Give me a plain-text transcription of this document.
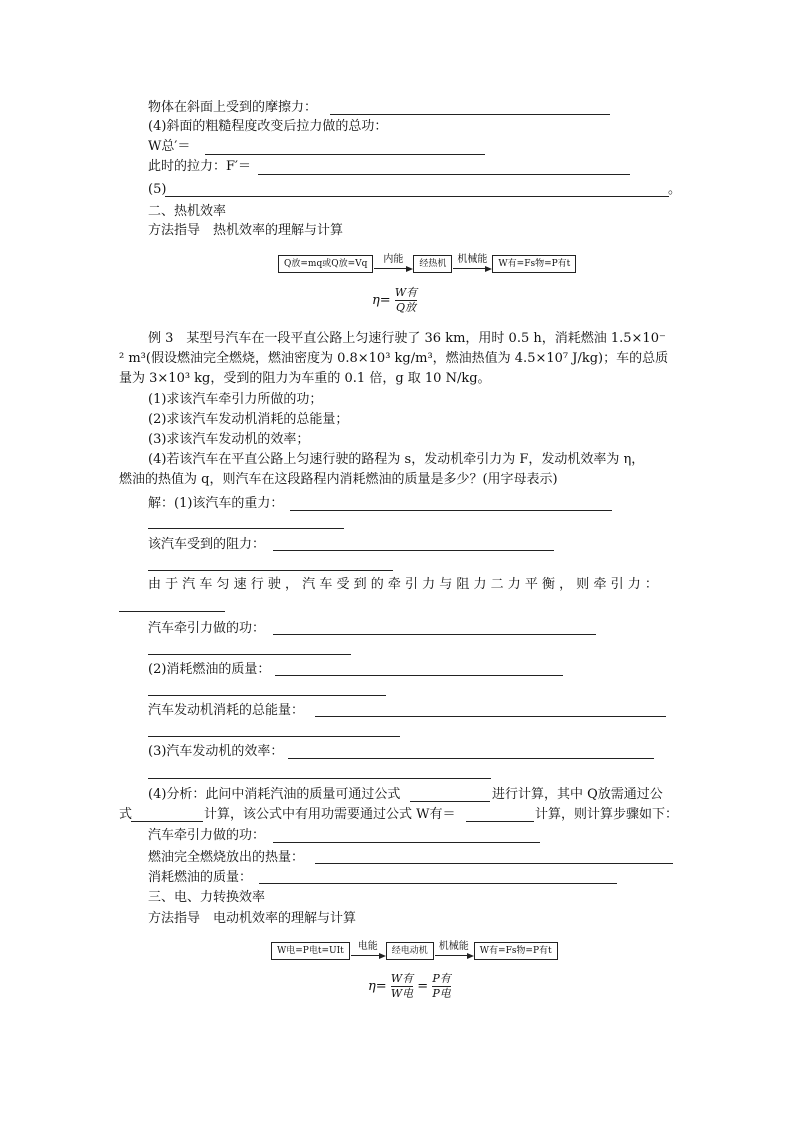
物体在斜面上受到的摩擦力：
(4)斜面的粗糙程度改变后拉力做的总功：
W总′＝
此时的拉力：F′＝
(5)	。
二、热机效率
方法指导　热机效率的理解与计算
Q放=mq或Q放=Vq	内能	经热机	机械能	W有=Fs物=P有t
$\eta= \frac{\text{W有}}{\text{Q放}}$
例 3　某型号汽车在一段平直公路上匀速行驶了 36 km，用时 0.5 h，消耗燃油 1.5×10⁻
² m³(假设燃油完全燃烧，燃油密度为 0.8×10³ kg/m³，燃油热值为 4.5×10⁷ J/kg)；车的总质
量为 3×10³ kg，受到的阻力为车重的 0.1 倍，g 取 10 N/kg。
(1)求该汽车牵引力所做的功；
(2)求该汽车发动机消耗的总能量；
(3)求该汽车发动机的效率；
(4)若该汽车在平直公路上匀速行驶的路程为 s，发动机牵引力为 F，发动机效率为 η，
燃油的热值为 q，则汽车在这段路程内消耗燃油的质量是多少？(用字母表示)
解：(1)该汽车的重力：
该汽车受到的阻力：
由 于 汽 车 匀 速 行 驶 ， 汽 车 受 到 的 牵 引 力 与 阻 力 二 力 平 衡 ， 则 牵 引 力 ：
汽车牵引力做的功：
(2)消耗燃油的质量：
汽车发动机消耗的总能量：
(3)汽车发动机的效率：
(4)分析：此问中消耗汽油的质量可通过公式	进行计算，其中 Q放需通过公
式	计算，该公式中有用功需要通过公式 W有＝	计算，则计算步骤如下：
汽车牵引力做的功：
燃油完全燃烧放出的热量：
消耗燃油的质量：
三、电、力转换效率
方法指导　电动机效率的理解与计算
W电=P电t=UIt	电能	经电动机	机械能	W有=Fs物=P有t
$\eta= \frac{\text{W有}}{\text{W电}} = \frac{\text{P有}}{\text{P电}}$
